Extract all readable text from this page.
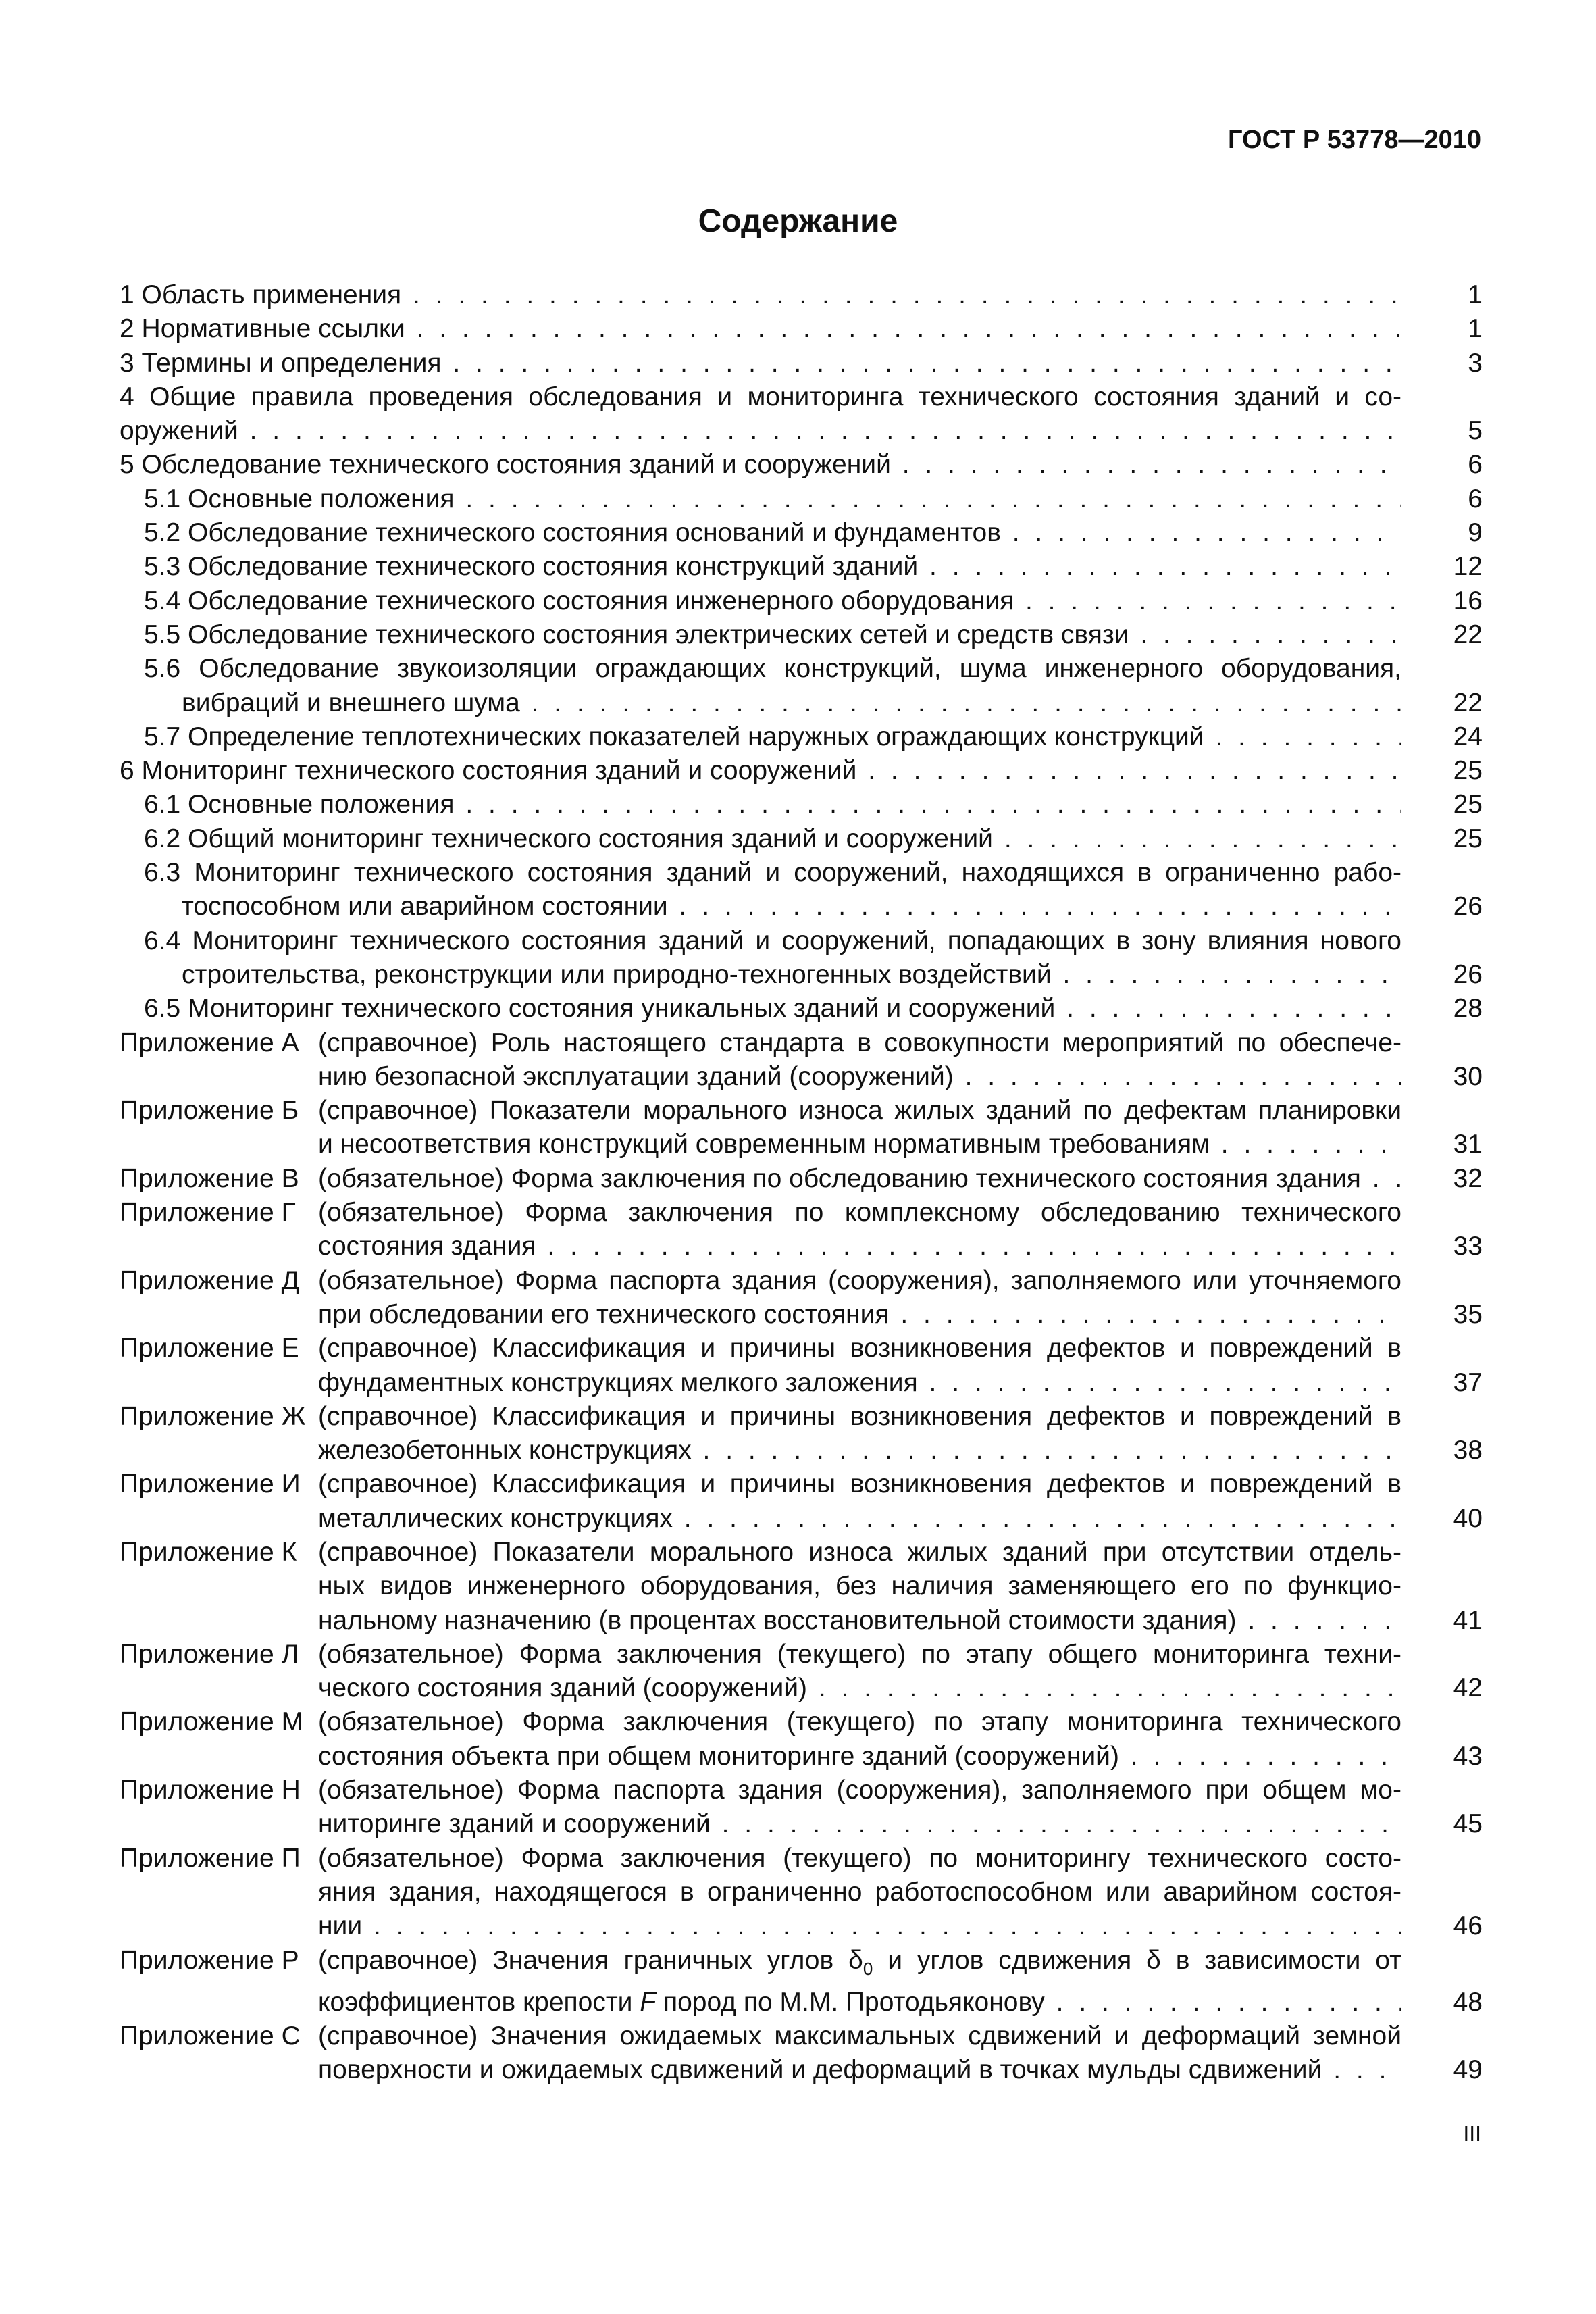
ГОСТ Р 53778—2010
Содержание
1 Область применения . . .	1
2 Нормативные ссылки . . .	1
3 Термины и определения . . .	3
4 Общие правила проведения обследования и мониторинга технического состояния зданий и со-
оружений . . .	5
5 Обследование технического состояния зданий и сооружений . . .	6
5.1 Основные положения . . .	6
5.2 Обследование технического состояния оснований и фундаментов . . .	9
5.3 Обследование технического состояния конструкций зданий . . .	12
5.4 Обследование технического состояния инженерного оборудования . . .	16
5.5 Обследование технического состояния электрических сетей и средств связи . . .	22
5.6 Обследование звукоизоляции ограждающих конструкций, шума инженерного оборудования,
вибраций и внешнего шума . . .	22
5.7 Определение теплотехнических показателей наружных ограждающих конструкций . . .	24
6 Мониторинг технического состояния зданий и сооружений . . .	25
6.1 Основные положения . . .	25
6.2 Общий мониторинг технического состояния зданий и сооружений . . .	25
6.3 Мониторинг технического состояния зданий и сооружений, находящихся в ограниченно рабо-
тоспособном или аварийном состоянии . . .	26
6.4 Мониторинг технического состояния зданий и сооружений, попадающих в зону влияния нового
строительства, реконструкции или природно-техногенных воздействий . . .	26
6.5 Мониторинг технического состояния уникальных зданий и сооружений . . .	28
Приложение А (справочное) Роль настоящего стандарта в совокупности мероприятий по обеспече-
нию безопасной эксплуатации зданий (сооружений) . . .	30
Приложение Б (справочное) Показатели морального износа жилых зданий по дефектам планировки
и несоответствия конструкций современным нормативным требованиям . . .	31
Приложение В (обязательное) Форма заключения по обследованию технического состояния здания . . .	32
Приложение Г (обязательное) Форма заключения по комплексному обследованию технического
состояния здания . . .	33
Приложение Д (обязательное) Форма паспорта здания (сооружения), заполняемого или уточняемого
при обследовании его технического состояния . . .	35
Приложение Е (справочное) Классификация и причины возникновения дефектов и повреждений в
фундаментных конструкциях мелкого заложения . . .	37
Приложение Ж (справочное) Классификация и причины возникновения дефектов и повреждений в
железобетонных конструкциях . . .	38
Приложение И (справочное) Классификация и причины возникновения дефектов и повреждений в
металлических конструкциях . . .	40
Приложение К (справочное) Показатели морального износа жилых зданий при отсутствии отдель-
ных видов инженерного оборудования, без наличия заменяющего его по функцио-
нальному назначению (в процентах восстановительной стоимости здания) . . .	41
Приложение Л (обязательное) Форма заключения (текущего) по этапу общего мониторинга техни-
ческого состояния зданий (сооружений) . . .	42
Приложение М (обязательное) Форма заключения (текущего) по этапу мониторинга технического
состояния объекта при общем мониторинге зданий (сооружений) . . .	43
Приложение Н (обязательное) Форма паспорта здания (сооружения), заполняемого при общем мо-
ниторинге зданий и сооружений . . .	45
Приложение П (обязательное) Форма заключения (текущего) по мониторингу технического состо-
яния здания, находящегося в ограниченно работоспособном или аварийном состоя-
нии . . .	46
Приложение Р (справочное) Значения граничных углов $\delta_0$ и углов сдвижения δ в зависимости от
коэффициентов крепости F пород по М.М. Протодьяконову . . .	48
Приложение С (справочное) Значения ожидаемых максимальных сдвижений и деформаций земной
поверхности и ожидаемых сдвижений и деформаций в точках мульды сдвижений . . .	49
III
